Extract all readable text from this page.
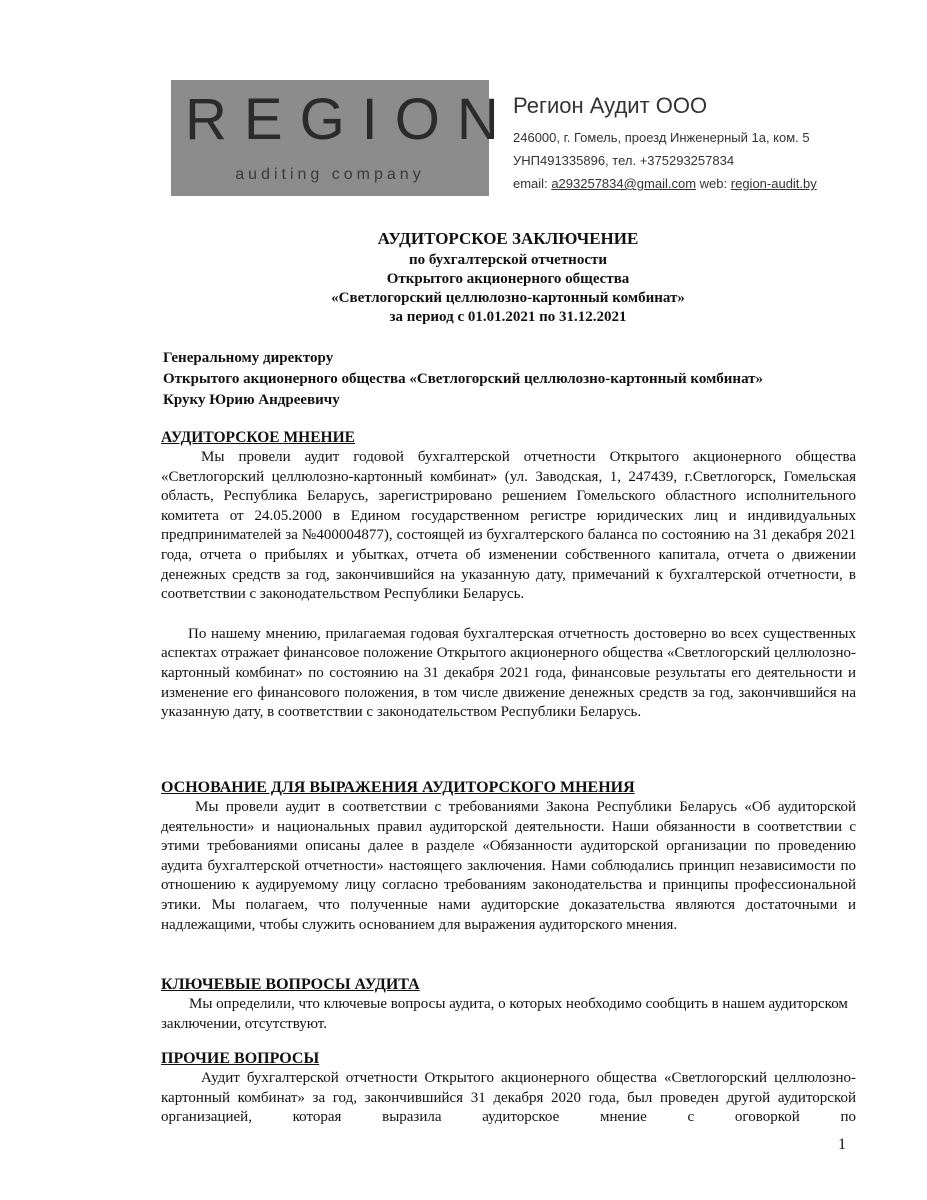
REGION
auditing company
Регион Аудит ООО
246000, г. Гомель, проезд Инженерный 1а, ком. 5
УНП491335896, тел. +375293257834
email: a293257834@gmail.com web: region-audit.by
АУДИТОРСКОЕ ЗАКЛЮЧЕНИЕ
по бухгалтерской отчетности
Открытого акционерного общества
«Светлогорский целлюлозно-картонный комбинат»
за период с 01.01.2021 по 31.12.2021
Генеральному директору
Открытого акционерного общества «Светлогорский целлюлозно-картонный комбинат»
Круку Юрию Андреевичу
АУДИТОРСКОЕ МНЕНИЕ

Мы провели аудит годовой бухгалтерской отчетности Открытого акционерного общества «Светлогорский целлюлозно-картонный комбинат» (ул. Заводская, 1, 247439, г.Светлогорск, Гомельская область, Республика Беларусь, зарегистрировано решением Гомельского областного исполнительного комитета от 24.05.2000 в Едином государственном регистре юридических лиц и индивидуальных предпринимателей за №400004877), состоящей из бухгалтерского баланса по состоянию на 31 декабря 2021 года, отчета о прибылях и убытках, отчета об изменении собственного капитала, отчета о движении денежных средств за год, закончившийся на указанную дату, примечаний к бухгалтерской отчетности, в соответствии с законодательством Республики Беларусь.

По нашему мнению, прилагаемая годовая бухгалтерская отчетность достоверно во всех существенных аспектах отражает финансовое положение Открытого акционерного общества «Светлогорский целлюлозно-картонный комбинат» по состоянию на 31 декабря 2021 года, финансовые результаты его деятельности и изменение его финансового положения, в том числе движение денежных средств за год, закончившийся на указанную дату, в соответствии с законодательством Республики Беларусь.

ОСНОВАНИЕ ДЛЯ ВЫРАЖЕНИЯ АУДИТОРСКОГО МНЕНИЯ

Мы провели аудит в соответствии с требованиями Закона Республики Беларусь «Об аудиторской деятельности» и национальных правил аудиторской деятельности. Наши обязанности в соответствии с этими требованиями описаны далее в разделе «Обязанности аудиторской организации по проведению аудита бухгалтерской отчетности» настоящего заключения. Нами соблюдались принцип независимости по отношению к аудируемому лицу согласно требованиям законодательства и принципы профессиональной этики. Мы полагаем, что полученные нами аудиторские доказательства являются достаточными и надлежащими, чтобы служить основанием для выражения аудиторского мнения.

КЛЮЧЕВЫЕ ВОПРОСЫ АУДИТА

Мы определили, что ключевые вопросы аудита, о которых необходимо сообщить в нашем аудиторском заключении, отсутствуют.

ПРОЧИЕ ВОПРОСЫ

Аудит бухгалтерской отчетности Открытого акционерного общества «Светлогорский целлюлозно-картонный комбинат» за год, закончившийся 31 декабря 2020 года, был проведен другой аудиторской организацией, которая выразила аудиторское мнение с оговоркой по

1
